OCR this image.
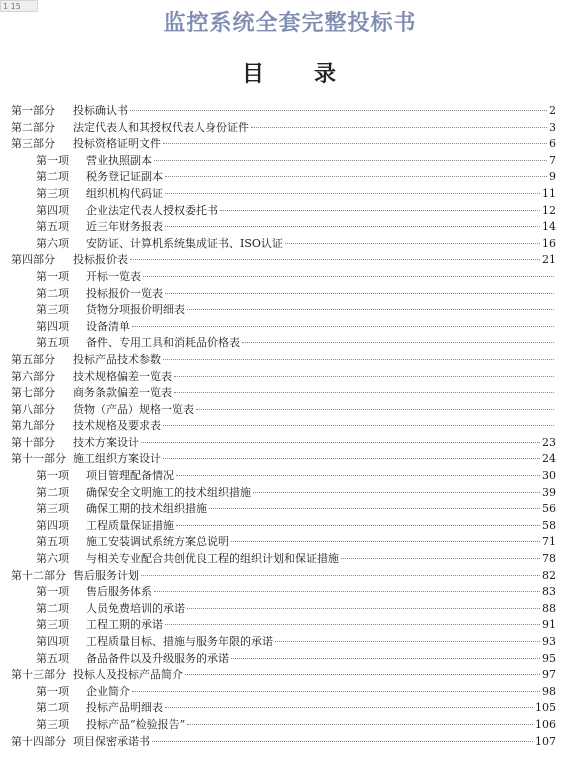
1 15
监控系统全套完整投标书
目　录
第一部分	投标确认书	2
第二部分	法定代表人和其授权代表人身份证件	3
第三部分	投标资格证明文件	6
第一项	营业执照副本	7
第二项	税务登记证副本	9
第三项	组织机构代码证	11
第四项	企业法定代表人授权委托书	12
第五项	近三年财务报表	14
第六项	安防证、计算机系统集成证书、ISO认证	16
第四部分	投标报价表	21
第一项	开标一览表
第二项	投标报价一览表
第三项	货物分项报价明细表
第四项	设备清单
第五项	备件、专用工具和消耗品价格表
第五部分	投标产品技术参数
第六部分	技术规格偏差一览表
第七部分	商务条款偏差一览表
第八部分	货物（产品）规格一览表
第九部分	技术规格及要求表
第十部分	技术方案设计	23
第十一部分 施工组织方案设计	24
第一项	项目管理配备情况	30
第二项	确保安全文明施工的技术组织措施	39
第三项	确保工期的技术组织措施	56
第四项	工程质量保证措施	58
第五项	施工安装调试系统方案总说明	71
第六项	与相关专业配合共创优良工程的组织计划和保证措施	78
第十二部分 售后服务计划	82
第一项	售后服务体系	83
第二项	人员免费培训的承诺	88
第三项	工程工期的承诺	91
第四项	工程质量目标、措施与服务年限的承诺	93
第五项	备品备件以及升级服务的承诺	95
第十三部分 投标人及投标产品简介	97
第一项	企业简介	98
第二项	投标产品明细表	105
第三项	投标产品“检验报告”	106
第十四部分 项目保密承诺书	107
